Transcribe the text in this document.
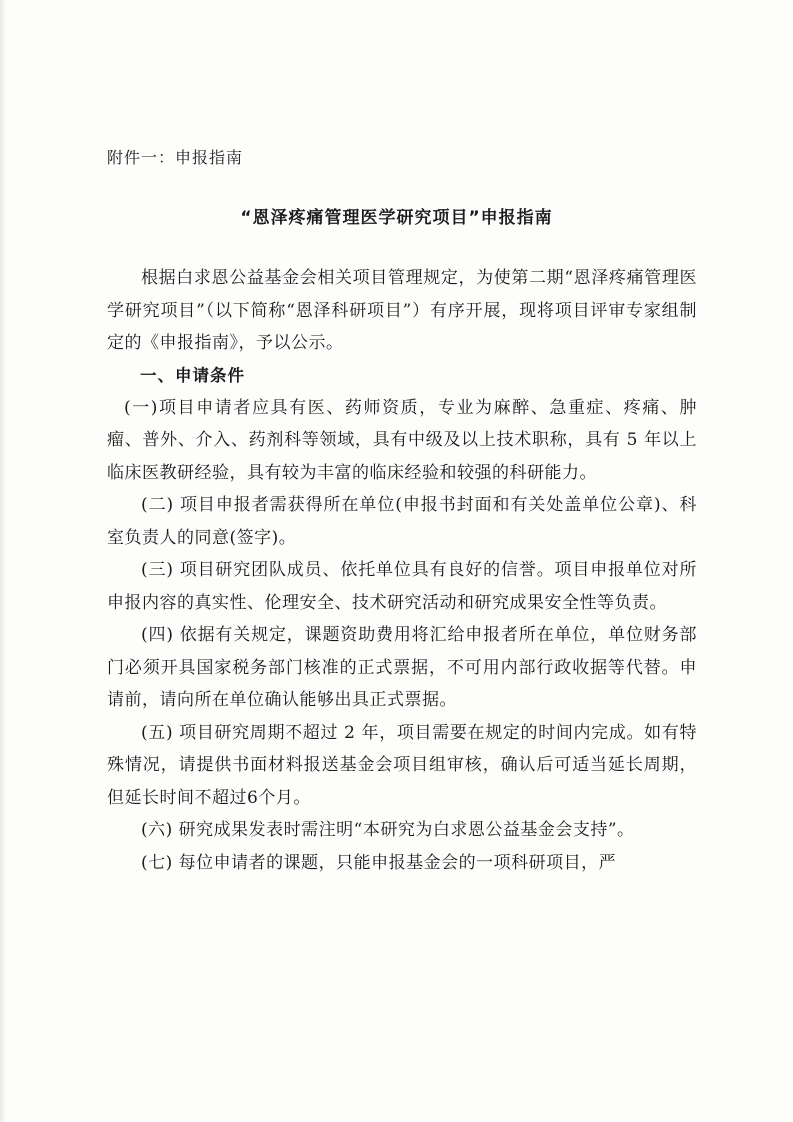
附件一：申报指南
“恩泽疼痛管理医学研究项目”申报指南

根据白求恩公益基金会相关项目管理规定，为使第二期“恩泽疼痛管理医学研究项目”（以下简称“恩泽科研项目”）有序开展，现将项目评审专家组制定的《申报指南》，予以公示。

一、申请条件

(一)项目申请者应具有医、药师资质，专业为麻醉、急重症、疼痛、肿瘤、普外、介入、药剂科等领域，具有中级及以上技术职称，具有 5 年以上临床医教研经验，具有较为丰富的临床经验和较强的科研能力。

(二) 项目申报者需获得所在单位(申报书封面和有关处盖单位公章)、科室负责人的同意(签字)。

(三) 项目研究团队成员、依托单位具有良好的信誉。项目申报单位对所申报内容的真实性、伦理安全、技术研究活动和研究成果安全性等负责。

(四) 依据有关规定，课题资助费用将汇给申报者所在单位，单位财务部门必须开具国家税务部门核准的正式票据，不可用内部行政收据等代替。申请前，请向所在单位确认能够出具正式票据。

(五) 项目研究周期不超过 2 年，项目需要在规定的时间内完成。如有特殊情况，请提供书面材料报送基金会项目组审核，确认后可适当延长周期，但延长时间不超过6个月。

(六) 研究成果发表时需注明“本研究为白求恩公益基金会支持”。

(七) 每位申请者的课题，只能申报基金会的一项科研项目，严
